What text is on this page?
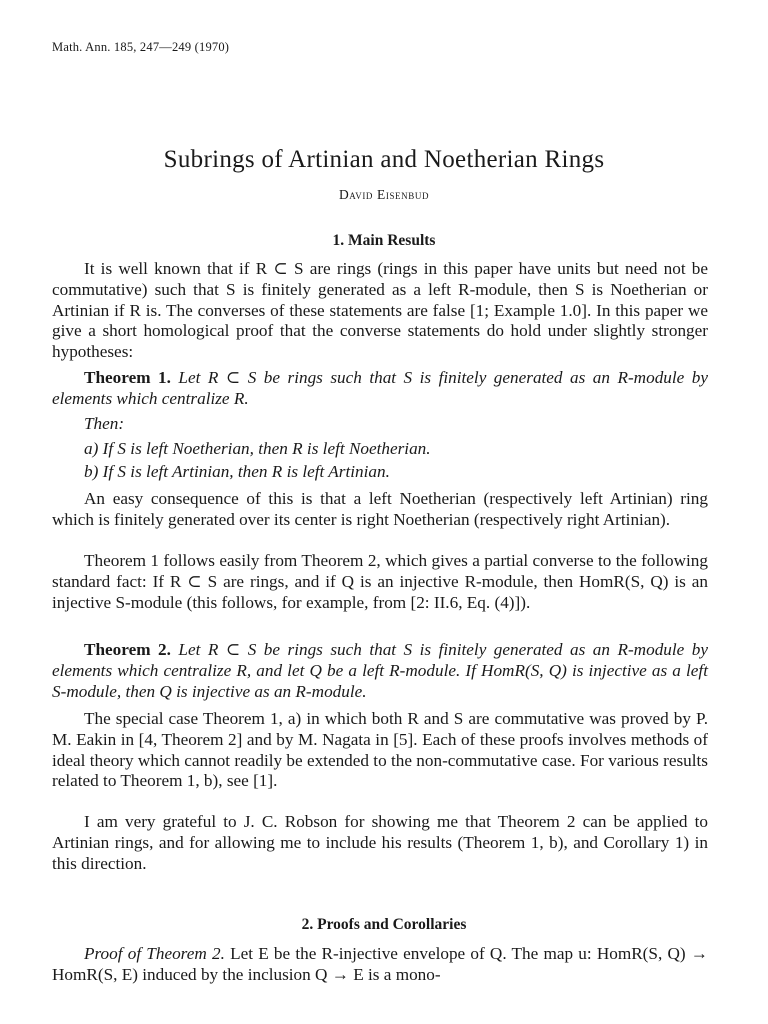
Math. Ann. 185, 247—249 (1970)
Subrings of Artinian and Noetherian Rings
David Eisenbud
1. Main Results
It is well known that if R ⊂ S are rings (rings in this paper have units but need not be commutative) such that S is finitely generated as a left R-module, then S is Noetherian or Artinian if R is. The converses of these statements are false [1; Example 1.0]. In this paper we give a short homological proof that the converse statements do hold under slightly stronger hypotheses:
Theorem 1. Let R ⊂ S be rings such that S is finitely generated as an R-module by elements which centralize R.
Then:
a) If S is left Noetherian, then R is left Noetherian.
b) If S is left Artinian, then R is left Artinian.
An easy consequence of this is that a left Noetherian (respectively left Artinian) ring which is finitely generated over its center is right Noetherian (respectively right Artinian).
Theorem 1 follows easily from Theorem 2, which gives a partial converse to the following standard fact: If R ⊂ S are rings, and if Q is an injective R-module, then HomR(S, Q) is an injective S-module (this follows, for example, from [2: II.6, Eq. (4)]).
Theorem 2. Let R ⊂ S be rings such that S is finitely generated as an R-module by elements which centralize R, and let Q be a left R-module. If HomR(S, Q) is injective as a left S-module, then Q is injective as an R-module.
The special case Theorem 1, a) in which both R and S are commutative was proved by P. M. Eakin in [4, Theorem 2] and by M. Nagata in [5]. Each of these proofs involves methods of ideal theory which cannot readily be extended to the non-commutative case. For various results related to Theorem 1, b), see [1].
I am very grateful to J. C. Robson for showing me that Theorem 2 can be applied to Artinian rings, and for allowing me to include his results (Theorem 1, b), and Corollary 1) in this direction.
2. Proofs and Corollaries
Proof of Theorem 2. Let E be the R-injective envelope of Q. The map u: HomR(S, Q) → HomR(S, E) induced by the inclusion Q → E is a mono-
